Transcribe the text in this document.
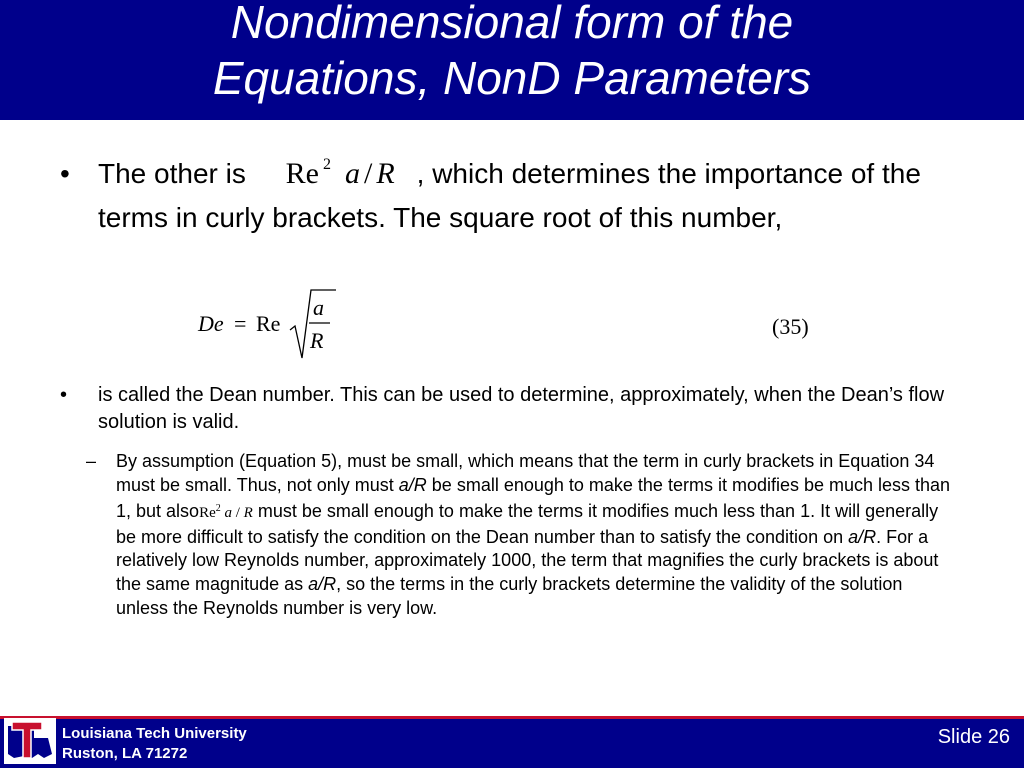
Nondimensional form of the
Equations, NonD Parameters
• The other is Re $^2$ a / R , which determines the importance of the terms in curly brackets. The square root of this number,
De = Re
a
R
(35)
• is called the Dean number. This can be used to determine, approximately, when the Dean’s flow solution is valid.
– By assumption (Equation 5), must be small, which means that the term in curly brackets in Equation 34 must be small. Thus, not only must a/R be small enough to make the terms it modifies be much less than 1, but alsoRe$^2$ a / R must be small enough to make the terms it modifies much less than 1. It will generally be more difficult to satisfy the condition on the Dean number than to satisfy the condition on a/R. For a relatively low Reynolds number, approximately 1000, the term that magnifies the curly brackets is about the same magnitude as a/R, so the terms in the curly brackets determine the validity of the solution unless the Reynolds number is very low.
Louisiana Tech University
Ruston, LA 71272
Slide 26
